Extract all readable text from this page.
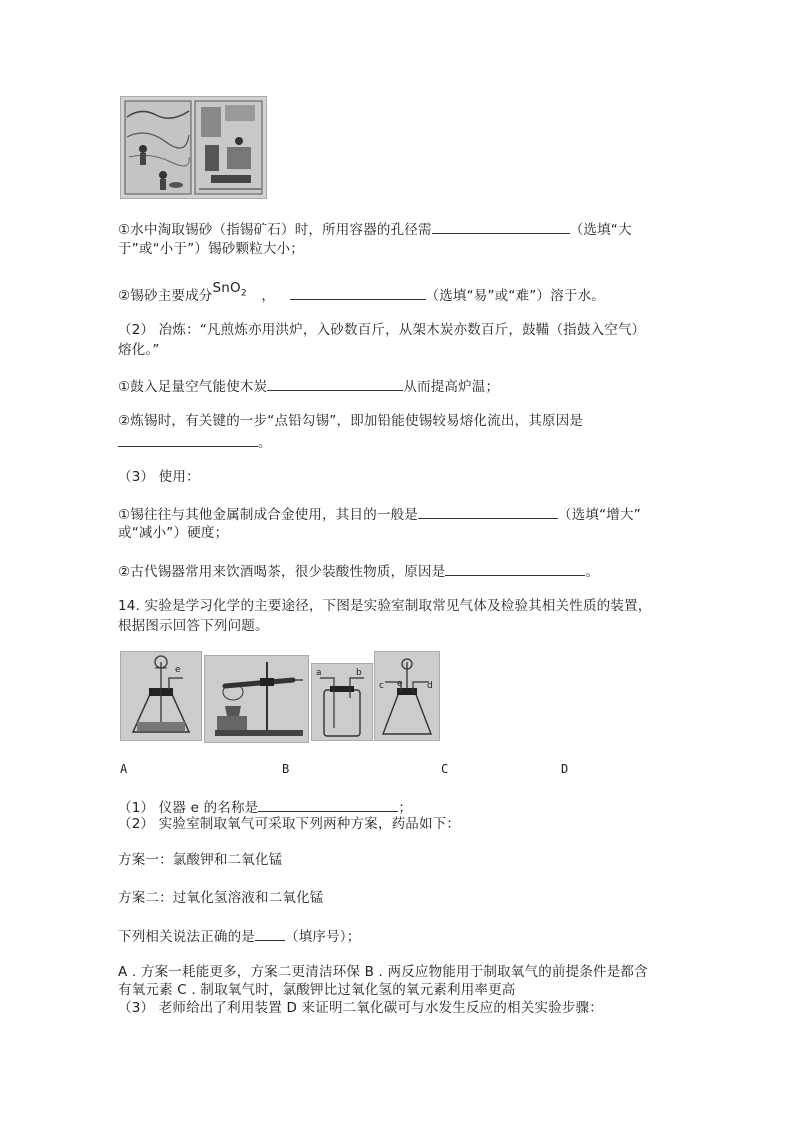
①水中淘取锡砂（指锡矿石）时，所用容器的孔径需	（选填“大
于”或“小于”）锡砂颗粒大小；
②锡砂主要成分SnO$_2$ ，	（选填“易”或“难”）溶于水。
（2） 冶炼：“凡煎炼亦用洪炉，入砂数百斤，从架木炭亦数百斤，鼓鞴（指鼓入空气）
熔化。”
①鼓入足量空气能使木炭	从而提高炉温；
②炼锡时，有关键的一步“点铅勾锡”，即加铅能使锡较易熔化流出，其原因是
。
（3） 使用：
①锡往往与其他金属制成合金使用，其目的一般是	（选填“增大”
或“减小”）硬度；
②古代锡器常用来饮酒喝茶，很少装酸性物质，原因是	。
14. 实验是学习化学的主要途径，下图是实验室制取常见气体及检验其相关性质的装置，
根据图示回答下列问题。
e	a	b
c e	d
A	B	C	D
（1） 仪器 e 的名称是	；
（2） 实验室制取氧气可采取下列两种方案，药品如下：
方案一：氯酸钾和二氧化锰
方案二：过氧化氢溶液和二氧化锰
下列相关说法正确的是 （填序号）；
A . 方案一耗能更多，方案二更清洁环保 B . 两反应物能用于制取氧气的前提条件是都含
有氧元素 C . 制取氧气时，氯酸钾比过氧化氢的氧元素利用率更高
（3） 老师给出了利用装置 D 来证明二氧化碳可与水发生反应的相关实验步骤：
